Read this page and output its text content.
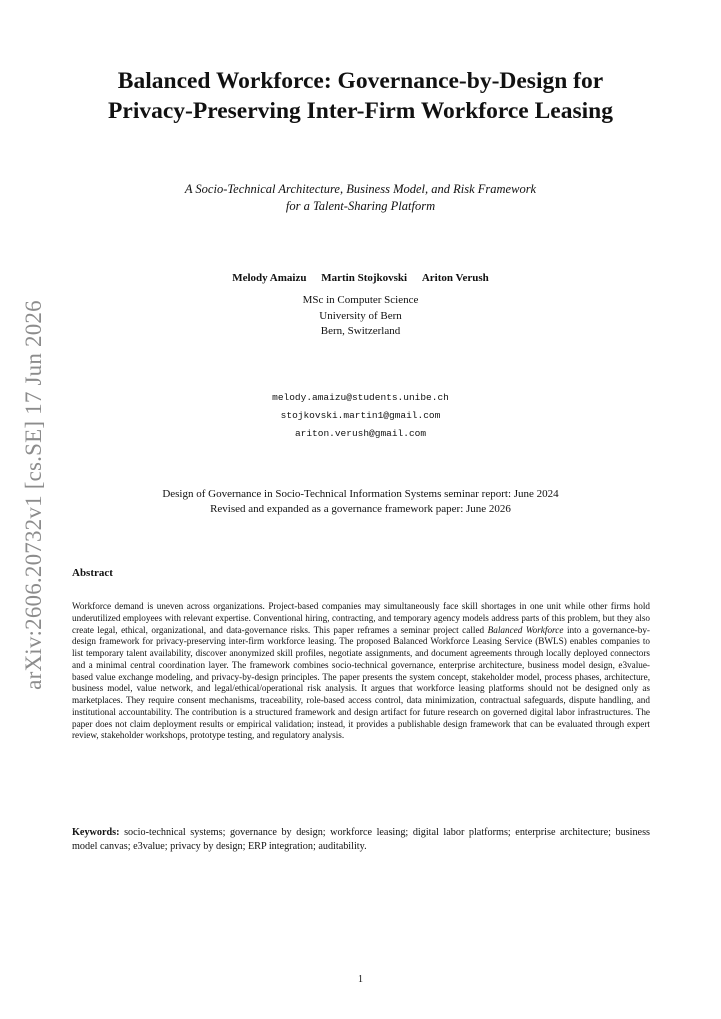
arXiv:2606.20732v1 [cs.SE] 17 Jun 2026
Balanced Workforce: Governance-by-Design for
Privacy-Preserving Inter-Firm Workforce Leasing
A Socio-Technical Architecture, Business Model, and Risk Framework
for a Talent-Sharing Platform
Melody Amaizu Martin Stojkovski Ariton Verush
MSc in Computer Science
University of Bern
Bern, Switzerland
melody.amaizu@students.unibe.ch
stojkovski.martin1@gmail.com
ariton.verush@gmail.com
Design of Governance in Socio-Technical Information Systems seminar report: June 2024
Revised and expanded as a governance framework paper: June 2026
Abstract

Workforce demand is uneven across organizations. Project-based companies may simultaneously face skill shortages in one unit while other firms hold underutilized employees with relevant expertise. Conventional hiring, contracting, and temporary agency models address parts of this problem, but they also create legal, ethical, organizational, and data-governance risks. This paper reframes a seminar project called Balanced Workforce into a governance-by-design framework for privacy-preserving inter-firm workforce leasing. The proposed Balanced Workforce Leasing Service (BWLS) enables companies to list temporary talent availability, discover anonymized skill profiles, negotiate assignments, and document agreements through locally deployed connectors and a minimal central coordination layer. The framework combines socio-technical governance, enterprise architecture, business model design, e3value-based value exchange modeling, and privacy-by-design principles. The paper presents the system concept, stakeholder model, process phases, architecture, business model, value network, and legal/ethical/operational risk analysis. It argues that workforce leasing platforms should not be designed only as marketplaces. They require consent mechanisms, traceability, role-based access control, data minimization, contractual safeguards, dispute handling, and institutional accountability. The contribution is a structured framework and design artifact for future research on governed digital labor infrastructures. The paper does not claim deployment results or empirical validation; instead, it provides a publishable design framework that can be evaluated through expert review, stakeholder workshops, prototype testing, and regulatory analysis.

Keywords: socio-technical systems; governance by design; workforce leasing; digital labor platforms; enterprise architecture; business model canvas; e3value; privacy by design; ERP integration; auditability.

1
